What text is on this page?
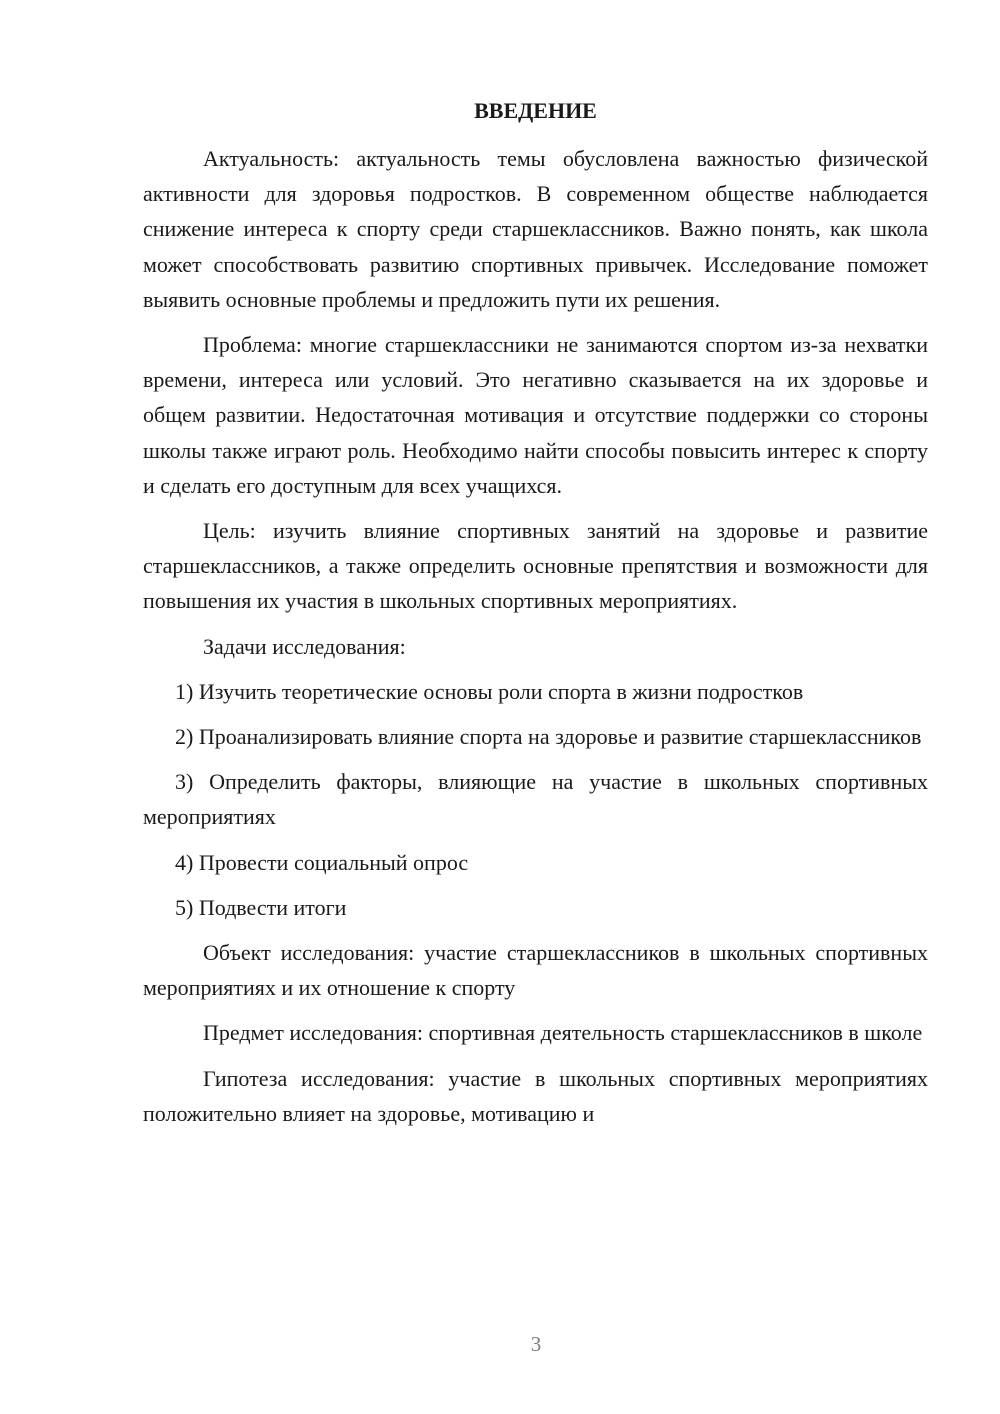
ВВЕДЕНИЕ

Актуальность: актуальность темы обусловлена важностью физической активности для здоровья подростков. В современном обществе наблюдается снижение интереса к спорту среди старшеклассников. Важно понять, как школа может способствовать развитию спортивных привычек. Исследование поможет выявить основные проблемы и предложить пути их решения.

Проблема: многие старшеклассники не занимаются спортом из-за нехватки времени, интереса или условий. Это негативно сказывается на их здоровье и общем развитии. Недостаточная мотивация и отсутствие поддержки со стороны школы также играют роль. Необходимо найти способы повысить интерес к спорту и сделать его доступным для всех учащихся.

Цель: изучить влияние спортивных занятий на здоровье и развитие старшеклассников, а также определить основные препятствия и возможности для повышения их участия в школьных спортивных мероприятиях.

Задачи исследования:

1) Изучить теоретические основы роли спорта в жизни подростков

2) Проанализировать влияние спорта на здоровье и развитие старшеклассников

3) Определить факторы, влияющие на участие в школьных спортивных мероприятиях

4) Провести социальный опрос

5) Подвести итоги

Объект исследования: участие старшеклассников в школьных спортивных мероприятиях и их отношение к спорту

Предмет исследования: спортивная деятельность старшеклассников в школе

Гипотеза исследования: участие в школьных спортивных мероприятиях положительно влияет на здоровье, мотивацию и

3
